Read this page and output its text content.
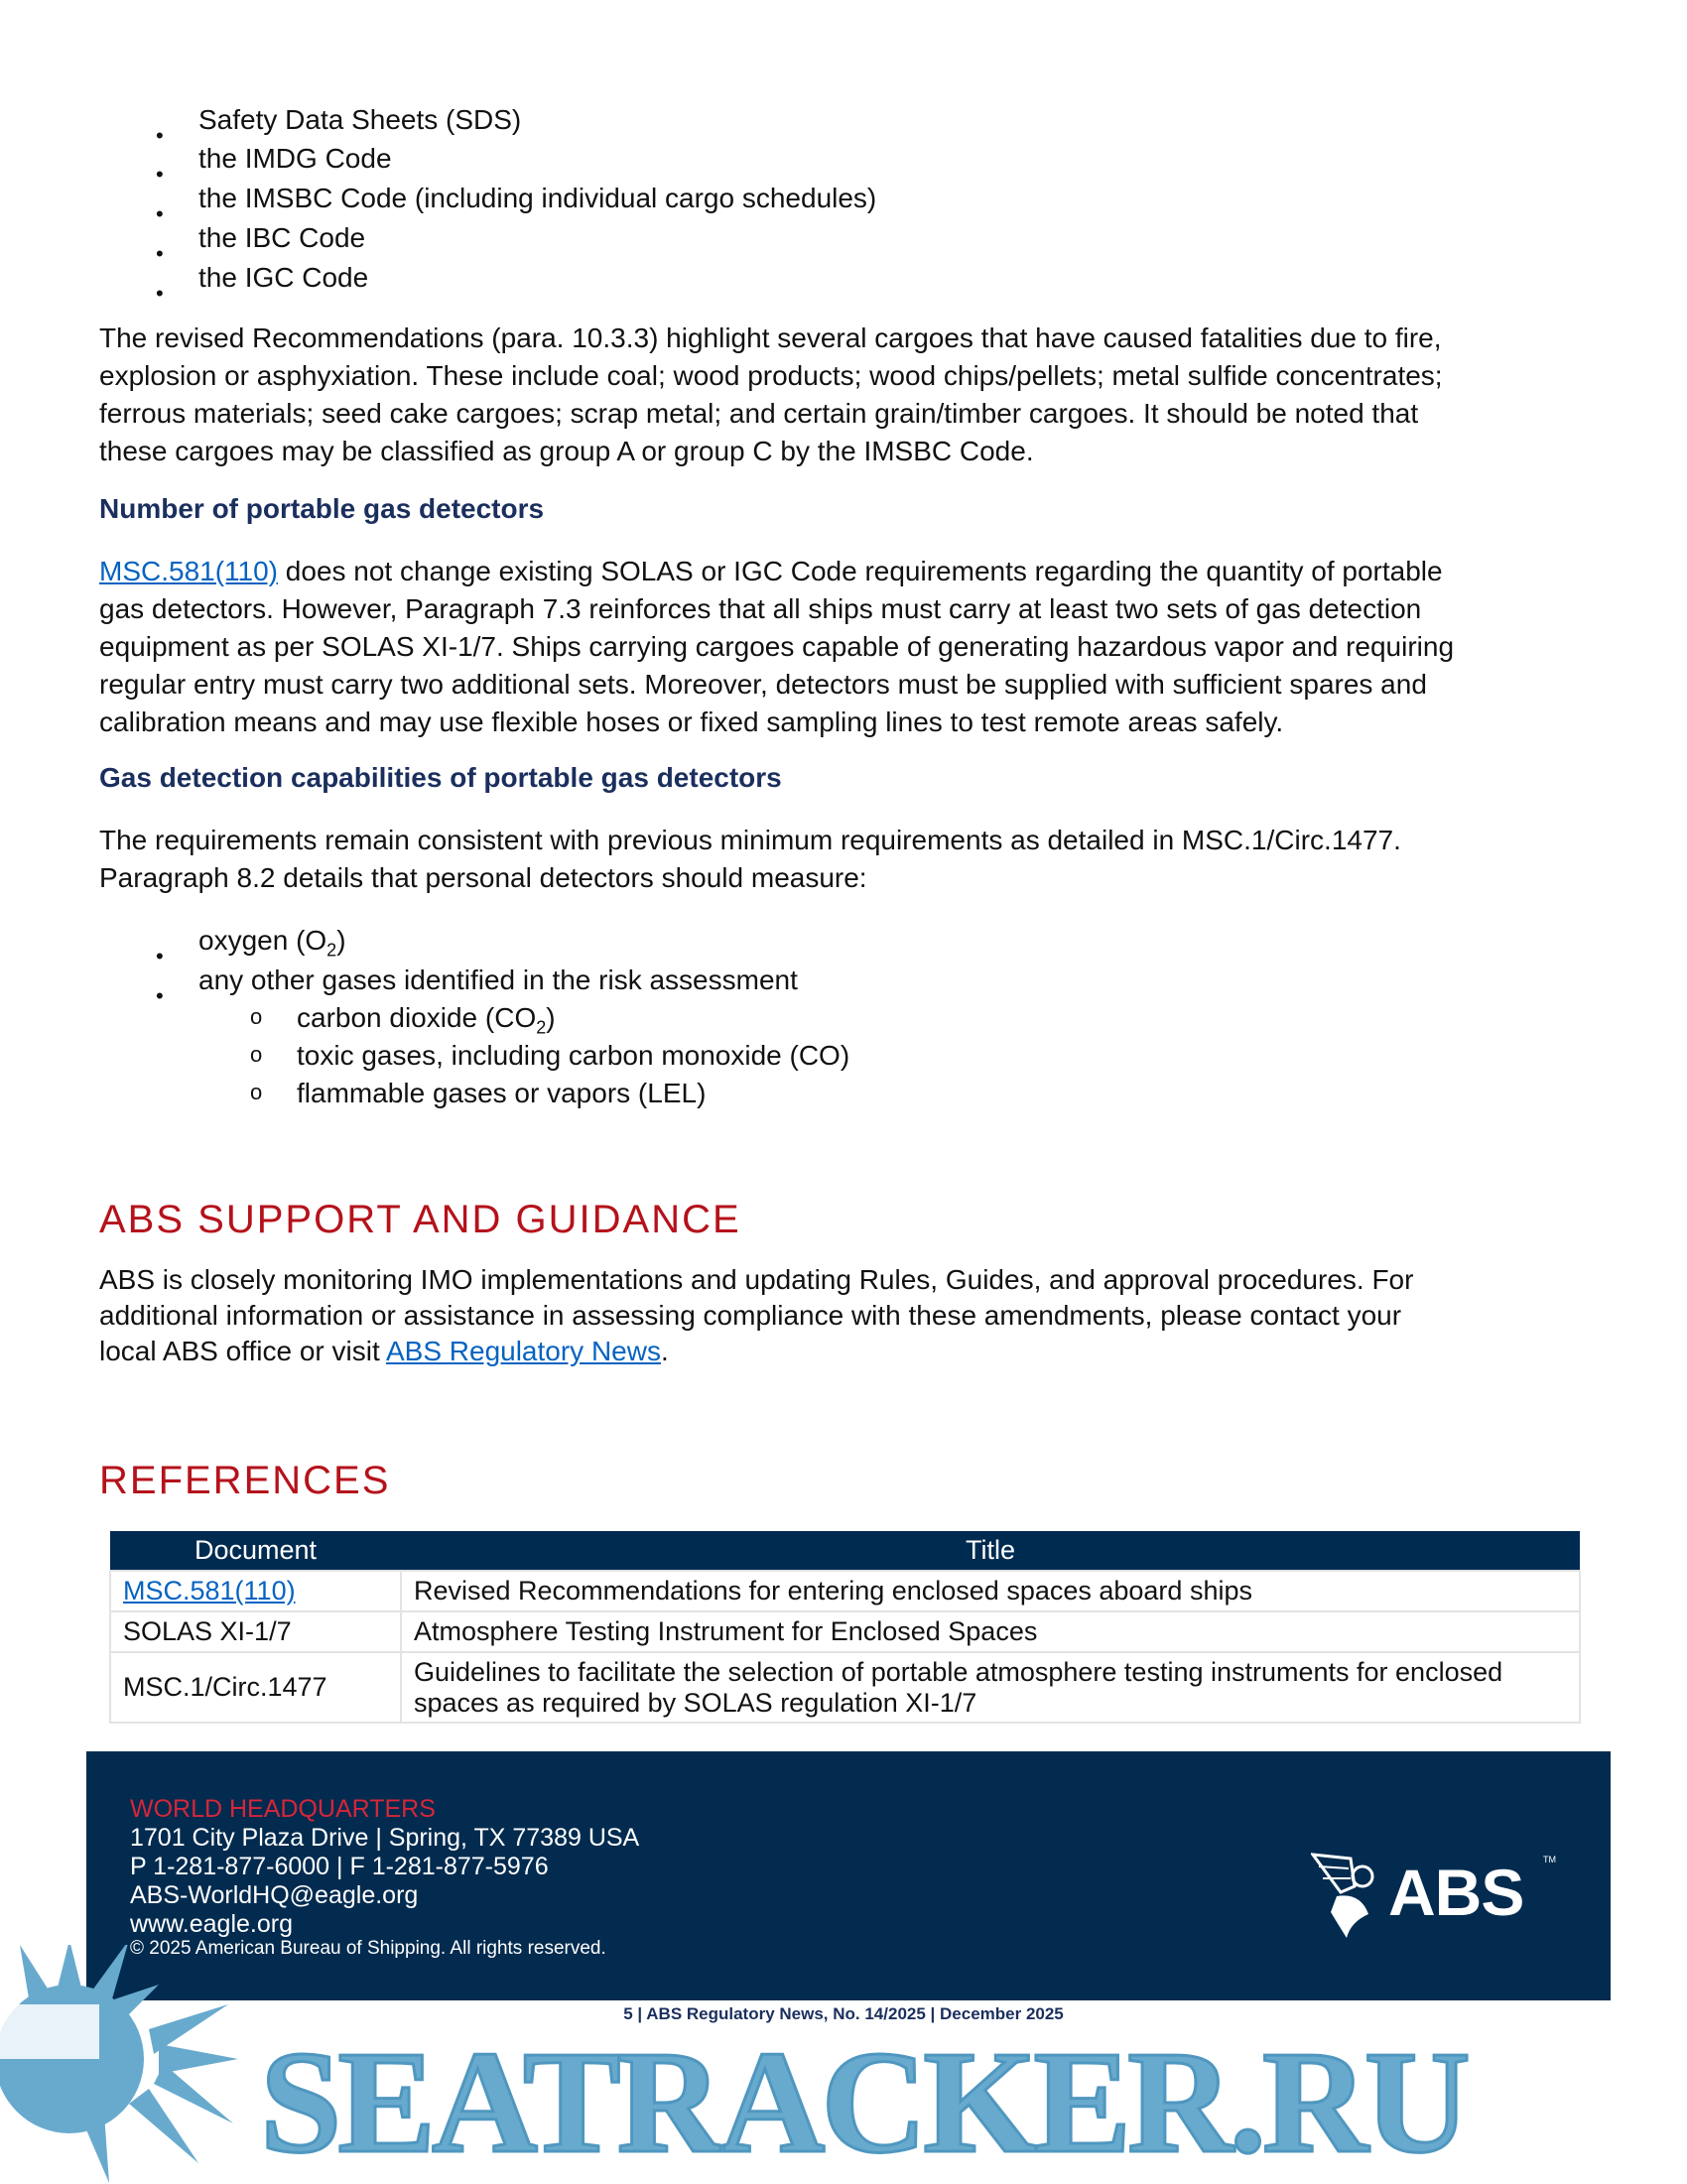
•
Safety Data Sheets (SDS)
•
the IMDG Code
•
the IMSBC Code (including individual cargo schedules)
•
the IBC Code
•
the IGC Code
The revised Recommendations (para. 10.3.3) highlight several cargoes that have caused fatalities due to fire,
explosion or asphyxiation. These include coal; wood products; wood chips/pellets; metal sulfide concentrates;
ferrous materials; seed cake cargoes; scrap metal; and certain grain/timber cargoes. It should be noted that
these cargoes may be classified as group A or group C by the IMSBC Code.
Number of portable gas detectors
MSC.581(110) does not change existing SOLAS or IGC Code requirements regarding the quantity of portable
gas detectors. However, Paragraph 7.3 reinforces that all ships must carry at least two sets of gas detection
equipment as per SOLAS XI-1/7. Ships carrying cargoes capable of generating hazardous vapor and requiring
regular entry must carry two additional sets. Moreover, detectors must be supplied with sufficient spares and
calibration means and may use flexible hoses or fixed sampling lines to test remote areas safely.
Gas detection capabilities of portable gas detectors
The requirements remain consistent with previous minimum requirements as detailed in MSC.1/Circ.1477.
Paragraph 8.2 details that personal detectors should measure:
•
oxygen $(O_2)$
•
any other gases identified in the risk assessment
o carbon dioxide $(CO_2)$
o toxic gases, including carbon monoxide (CO)
o flammable gases or vapors (LEL)
ABS SUPPORT AND GUIDANCE
ABS is closely monitoring IMO implementations and updating Rules, Guides, and approval procedures. For
additional information or assistance in assessing compliance with these amendments, please contact your
local ABS office or visit ABS Regulatory News.
REFERENCES
Document	Title
MSC.581(110)	Revised Recommendations for entering enclosed spaces aboard ships
SOLAS XI-1/7	Atmosphere Testing Instrument for Enclosed Spaces
MSC.1/Circ.1477	Guidelines to facilitate the selection of portable atmosphere testing instruments for enclosed spaces as required by SOLAS regulation XI-1/7
WORLD HEADQUARTERS
1701 City Plaza Drive | Spring, TX 77389 USA
P 1-281-877-6000 | F 1-281-877-5976
ABS-WorldHQ@eagle.org
www.eagle.org
© 2025 American Bureau of Shipping. All rights reserved.
ABS TM
SEATRACKER.RU
5 | ABS Regulatory News, No. 14/2025 | December 2025
